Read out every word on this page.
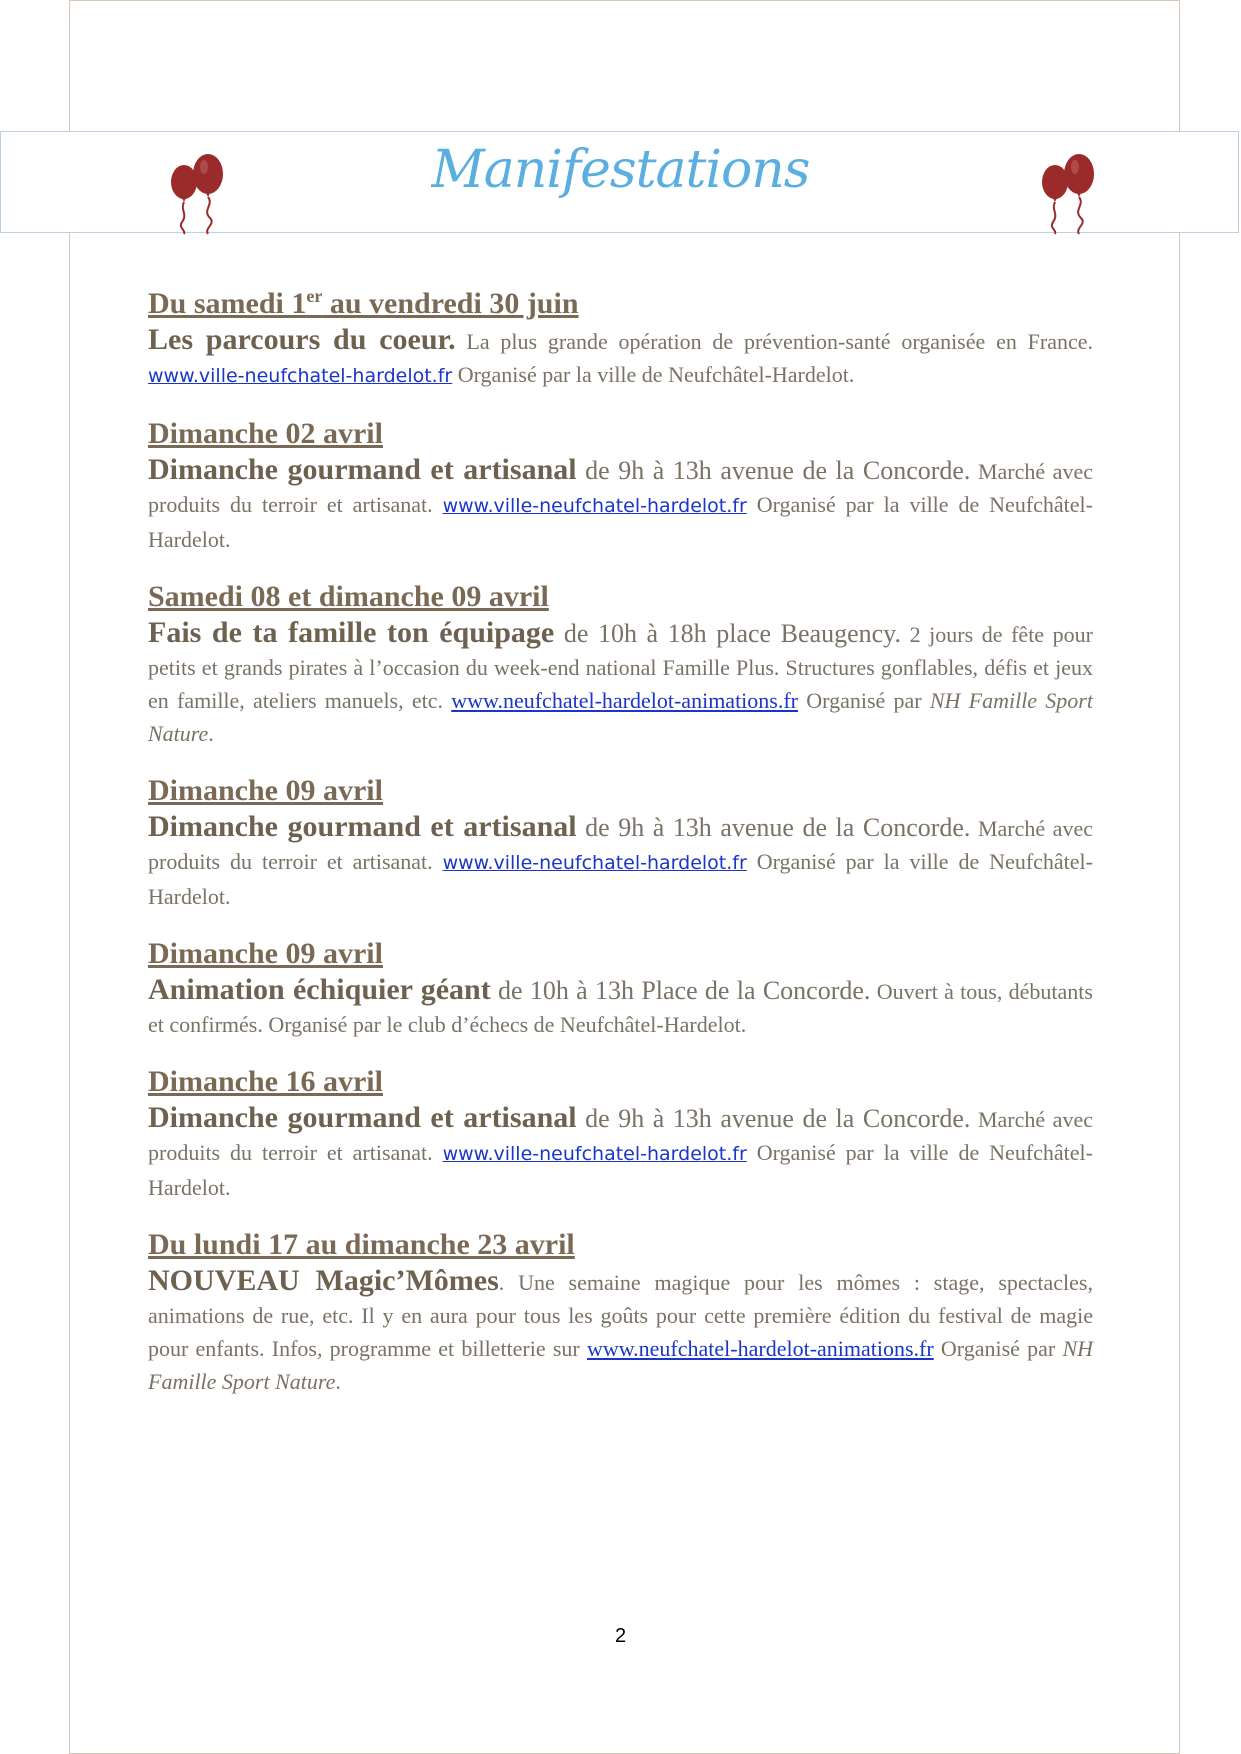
Manifestations
Du samedi 1er au vendredi 30 juin
Les parcours du coeur. La plus grande opération de prévention-santé organisée en France. www.ville-neufchatel-hardelot.fr Organisé par la ville de Neufchâtel-Hardelot.
Dimanche 02 avril
Dimanche gourmand et artisanal de 9h à 13h avenue de la Concorde. Marché avec produits du terroir et artisanat. www.ville-neufchatel-hardelot.fr Organisé par la ville de Neufchâtel-Hardelot.
Samedi 08 et dimanche 09 avril
Fais de ta famille ton équipage de 10h à 18h place Beaugency. 2 jours de fête pour petits et grands pirates à l’occasion du week-end national Famille Plus. Structures gonflables, défis et jeux en famille, ateliers manuels, etc. www.neufchatel-hardelot-animations.fr Organisé par NH Famille Sport Nature.
Dimanche 09 avril
Dimanche gourmand et artisanal de 9h à 13h avenue de la Concorde. Marché avec produits du terroir et artisanat. www.ville-neufchatel-hardelot.fr Organisé par la ville de Neufchâtel-Hardelot.
Dimanche 09 avril
Animation échiquier géant de 10h à 13h Place de la Concorde. Ouvert à tous, débutants et confirmés. Organisé par le club d’échecs de Neufchâtel-Hardelot.
Dimanche 16 avril
Dimanche gourmand et artisanal de 9h à 13h avenue de la Concorde. Marché avec produits du terroir et artisanat. www.ville-neufchatel-hardelot.fr Organisé par la ville de Neufchâtel-Hardelot.
Du lundi 17 au dimanche 23 avril
NOUVEAU Magic’Mômes. Une semaine magique pour les mômes : stage, spectacles, animations de rue, etc. Il y en aura pour tous les goûts pour cette première édition du festival de magie pour enfants. Infos, programme et billetterie sur www.neufchatel-hardelot-animations.fr Organisé par NH Famille Sport Nature.
2
